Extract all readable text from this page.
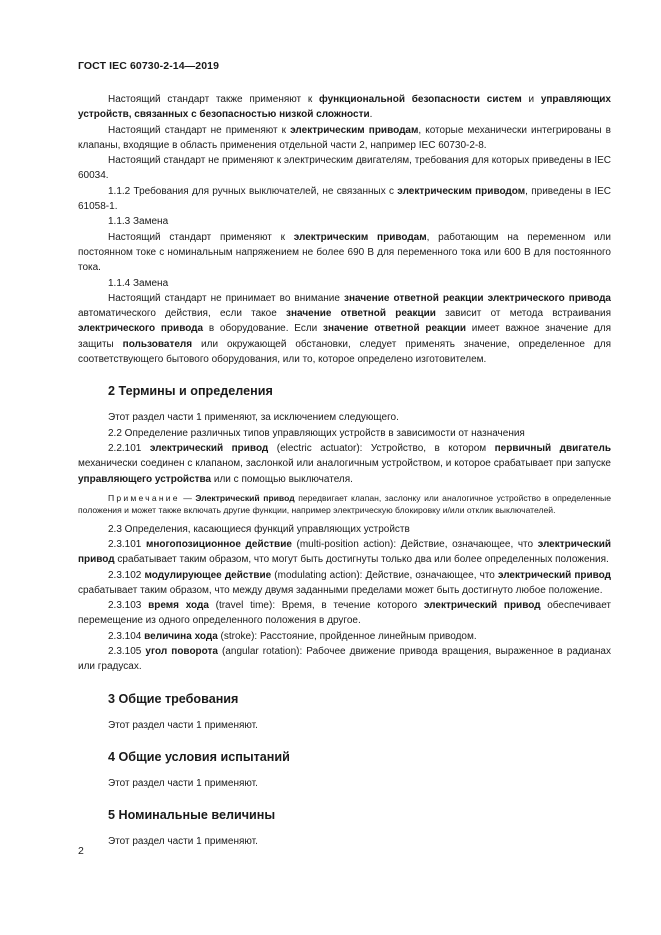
ГОСТ IEC 60730-2-14—2019

Настоящий стандарт также применяют к функциональной безопасности систем и управляющих устройств, связанных с безопасностью низкой сложности.

Настоящий стандарт не применяют к электрическим приводам, которые механически интегрированы в клапаны, входящие в область применения отдельной части 2, например IEC 60730-2-8.

Настоящий стандарт не применяют к электрическим двигателям, требования для которых приведены в IEC 60034.

1.1.2 Требования для ручных выключателей, не связанных с электрическим приводом, приведены в IEC 61058-1.

1.1.3 Замена

Настоящий стандарт применяют к электрическим приводам, работающим на переменном или постоянном токе с номинальным напряжением не более 690 В для переменного тока или 600 В для постоянного тока.

1.1.4 Замена

Настоящий стандарт не принимает во внимание значение ответной реакции электрического привода автоматического действия, если такое значение ответной реакции зависит от метода встраивания электрического привода в оборудование. Если значение ответной реакции имеет важное значение для защиты пользователя или окружающей обстановки, следует применять значение, определенное для соответствующего бытового оборудования, или то, которое определено изготовителем.

2 Термины и определения

Этот раздел части 1 применяют, за исключением следующего.

2.2 Определение различных типов управляющих устройств в зависимости от назначения

2.2.101 электрический привод (electric actuator): Устройство, в котором первичный двигатель механически соединен с клапаном, заслонкой или аналогичным устройством, и которое срабатывает при запуске управляющего устройства или с помощью выключателя.

Примечание — Электрический привод передвигает клапан, заслонку или аналогичное устройство в определенные положения и может также включать другие функции, например электрическую блокировку и/или отклик выключателей.

2.3 Определения, касающиеся функций управляющих устройств

2.3.101 многопозиционное действие (multi-position action): Действие, означающее, что электрический привод срабатывает таким образом, что могут быть достигнуты только два или более определенных положения.

2.3.102 модулирующее действие (modulating action): Действие, означающее, что электрический привод срабатывает таким образом, что между двумя заданными пределами может быть достигнуто любое положение.

2.3.103 время хода (travel time): Время, в течение которого электрический привод обеспечивает перемещение из одного определенного положения в другое.

2.3.104 величина хода (stroke): Расстояние, пройденное линейным приводом.

2.3.105 угол поворота (angular rotation): Рабочее движение привода вращения, выраженное в радианах или градусах.

3 Общие требования

Этот раздел части 1 применяют.

4 Общие условия испытаний

Этот раздел части 1 применяют.

5 Номинальные величины

Этот раздел части 1 применяют.

2
